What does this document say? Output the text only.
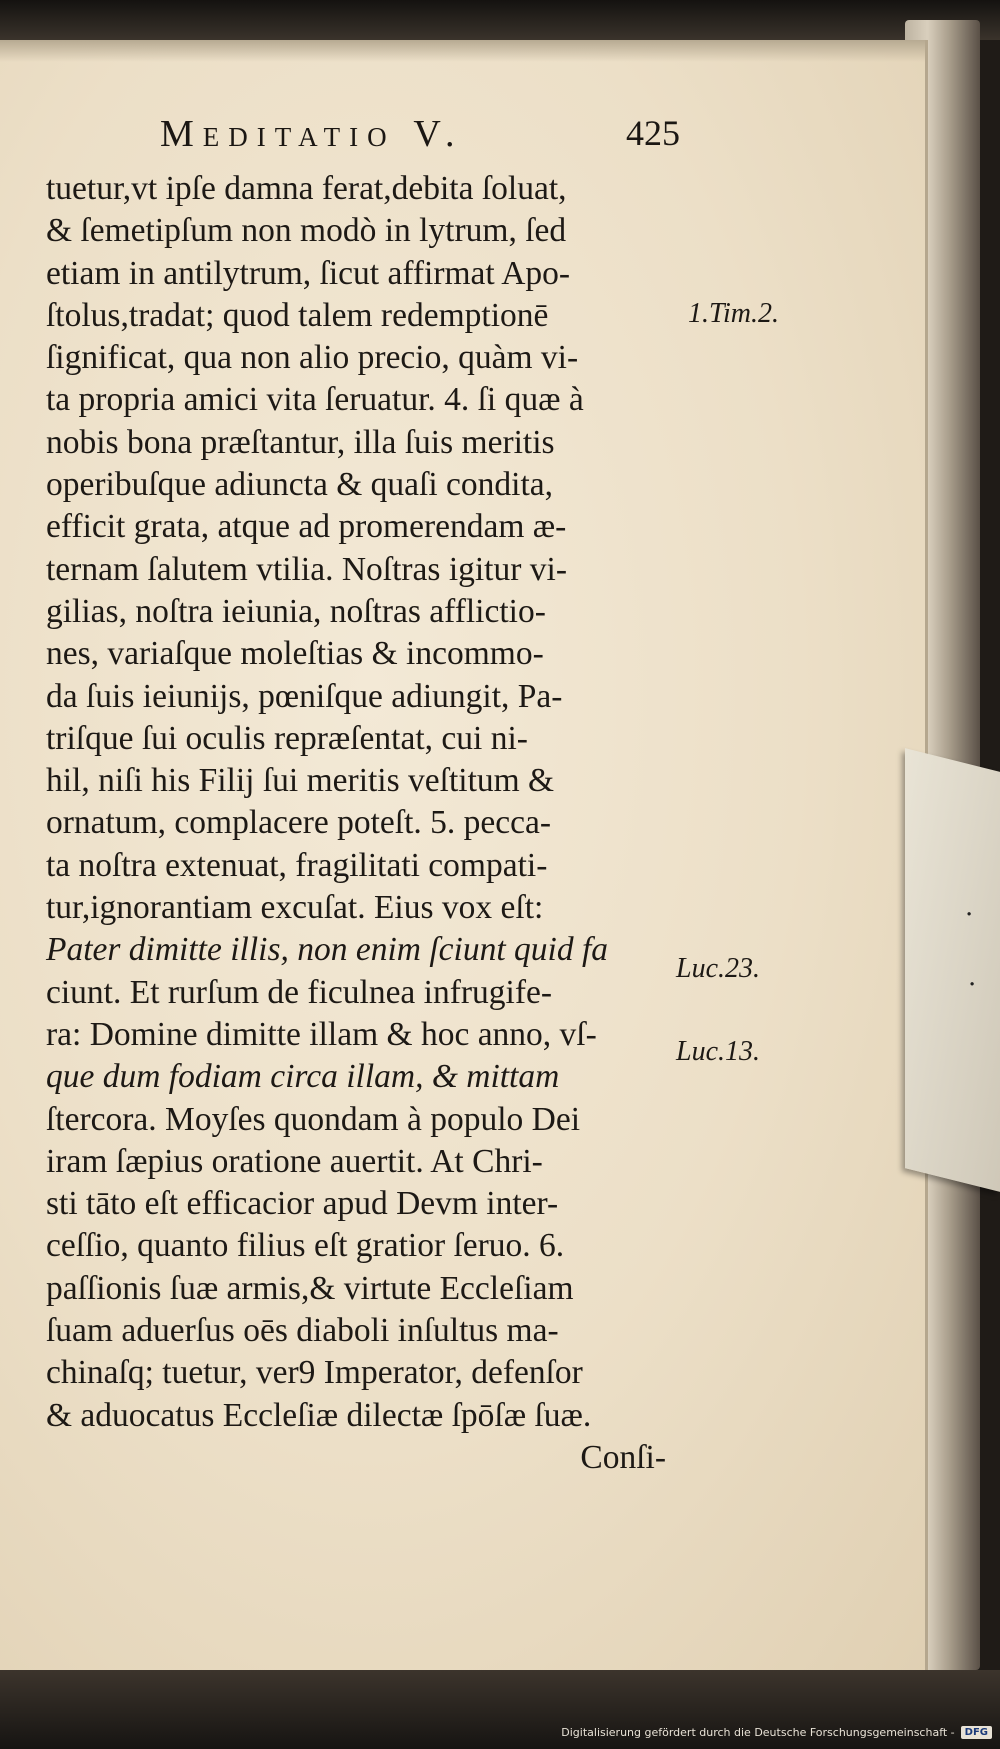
·
·
Meditatio V.	425
tuetur,vt ipſe damna ferat,debita ſoluat,
& ſemetipſum non modò in lytrum, ſed
etiam in antilytrum, ſicut affirmat Apo-
ſtolus,tradat; quod talem redemptionē
ſignificat, qua non alio precio, quàm vi-
ta propria amici vita ſeruatur. 4. ſi quæ à
nobis bona præſtantur, illa ſuis meritis
operibuſque adiuncta & quaſi condita,
efficit grata, atque ad promerendam æ-
ternam ſalutem vtilia. Noſtras igitur vi-
gilias, noſtra ieiunia, noſtras afflictio-
nes, variaſque moleſtias & incommo-
da ſuis ieiunijs, pœniſque adiungit, Pa-
triſque ſui oculis repræſentat, cui ni-
hil, niſi his Filij ſui meritis veſtitum &
ornatum, complacere poteſt. 5. pecca-
ta noſtra extenuat, fragilitati compati-
tur,ignorantiam excuſat. Eius vox eſt:
Pater dimitte illis, non enim ſciunt quid fa
ciunt. Et rurſum de ficulnea infrugife-
ra: Domine dimitte illam & hoc anno, vſ-
que dum fodiam circa illam, & mittam
ſtercora. Moyſes quondam à populo Dei
iram ſæpius oratione auertit. At Chri-
sti tāto eſt efficacior apud Devm inter-
ceſſio, quanto filius eſt gratior ſeruo. 6.
paſſionis ſuæ armis,& virtute Eccleſiam
ſuam aduerſus oēs diaboli inſultus ma-
chinaſq; tuetur, ver9 Imperator, defenſor
& aduocatus Eccleſiæ dilectæ ſpōſæ ſuæ.
Conſi-
1.Tim.2.
Luc.23.
Luc.13.
Digitalisierung gefördert durch die Deutsche Forschungsgemeinschaft -	DFG
